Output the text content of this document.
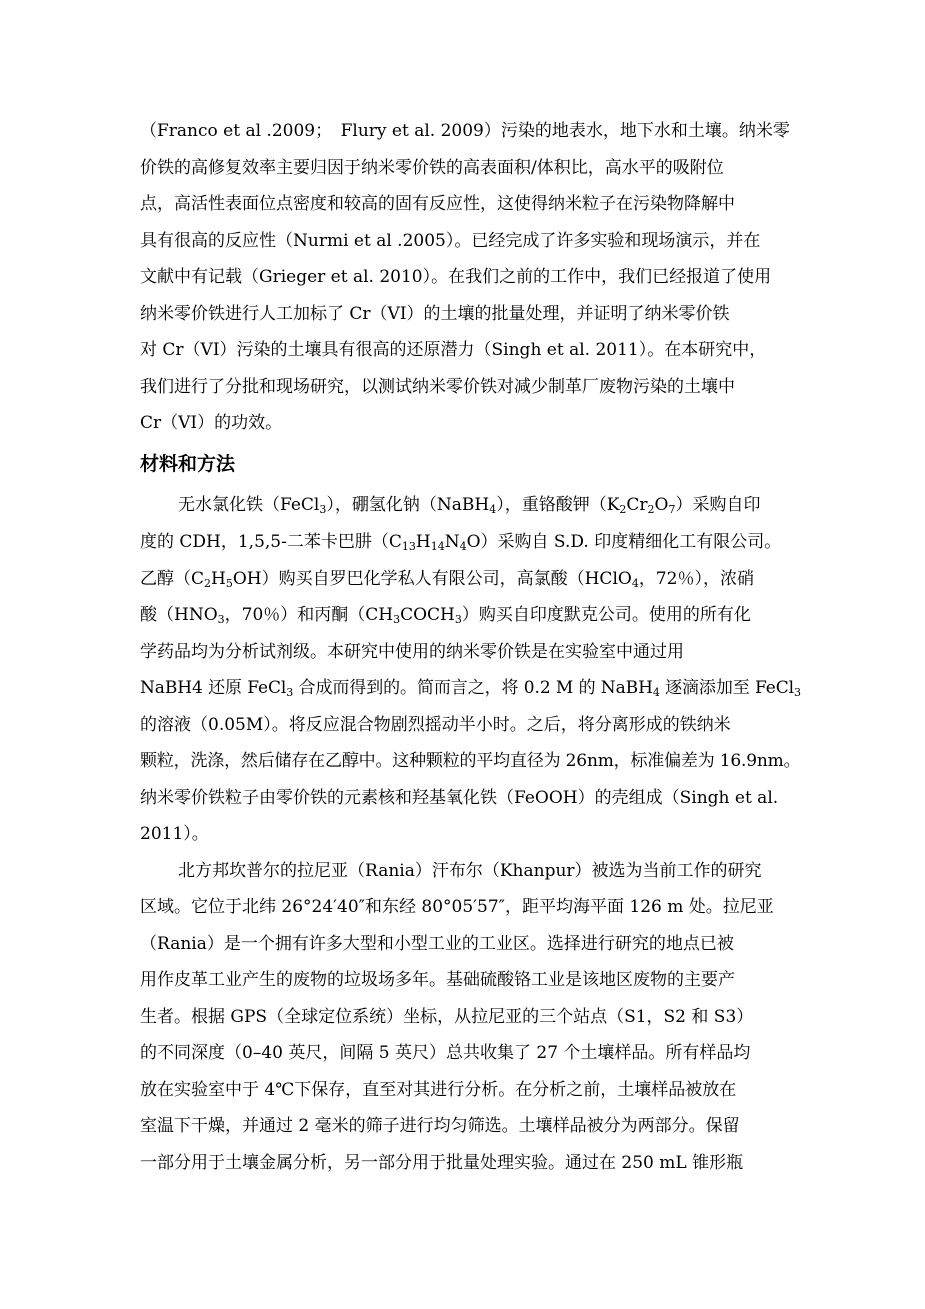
（Franco et al .2009；　Flury et al. 2009）污染的地表水，地下水和土壤。纳米零
价铁的高修复效率主要归因于纳米零价铁的高表面积/体积比，高水平的吸附位
点，高活性表面位点密度和较高的固有反应性，这使得纳米粒子在污染物降解中
具有很高的反应性（Nurmi et al .2005）。已经完成了许多实验和现场演示，并在
文献中有记载（Grieger et al. 2010）。在我们之前的工作中，我们已经报道了使用
纳米零价铁进行人工加标了 Cr（VI）的土壤的批量处理，并证明了纳米零价铁
对 Cr（VI）污染的土壤具有很高的还原潜力（Singh et al. 2011）。在本研究中，
我们进行了分批和现场研究，以测试纳米零价铁对减少制革厂废物污染的土壤中
Cr（VI）的功效。
材料和方法
无水氯化铁（FeCl$_3$），硼氢化钠（NaBH$_4$），重铬酸钾$(K_2Cr_2O_7)$采购自印
度的 CDH，1,5,5-二苯卡巴肼$(C_{13}H_{14}N_4O)$采购自 S.D. 印度精细化工有限公司。
乙醇$(C_2H_5OH)$购买自罗巴化学私人有限公司，高氯酸（HClO$_4$，72％），浓硝
酸（$HNO_3$，70％）和丙酮$(CH_3COCH_3)$购买自印度默克公司。使用的所有化
学药品均为分析试剂级。本研究中使用的纳米零价铁是在实验室中通过用
NaBH4 还原 FeCl$_3$ 合成而得到的。简而言之，将 0.2 M 的 NaBH$_4$ 逐滴添加至 FeCl$_3$
的溶液（0.05M）。将反应混合物剧烈摇动半小时。之后，将分离形成的铁纳米
颗粒，洗涤，然后储存在乙醇中。这种颗粒的平均直径为 26nm，标准偏差为 16.9nm。
纳米零价铁粒子由零价铁的元素核和羟基氧化铁（FeOOH）的壳组成（Singh et al.
2011）。
北方邦坎普尔的拉尼亚（Rania）汗布尔（Khanpur）被选为当前工作的研究
区域。它位于北纬 26°24′40″和东经 80°05′57″，距平均海平面 126 m 处。拉尼亚
（Rania）是一个拥有许多大型和小型工业的工业区。选择进行研究的地点已被
用作皮革工业产生的废物的垃圾场多年。基础硫酸铬工业是该地区废物的主要产
生者。根据 GPS（全球定位系统）坐标，从拉尼亚的三个站点（S1，S2 和 S3）
的不同深度（0–40 英尺，间隔 5 英尺）总共收集了 27 个土壤样品。所有样品均
放在实验室中于 4℃下保存，直至对其进行分析。在分析之前，土壤样品被放在
室温下干燥，并通过 2 毫米的筛子进行均匀筛选。土壤样品被分为两部分。保留
一部分用于土壤金属分析，另一部分用于批量处理实验。通过在 250 mL 锥形瓶
